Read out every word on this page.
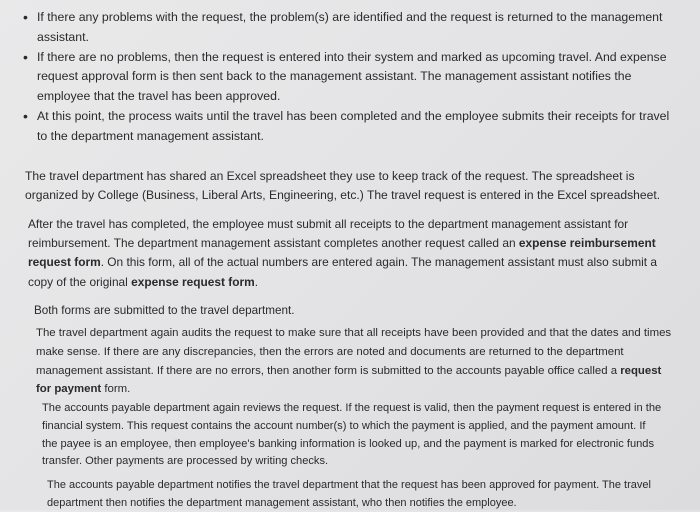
• If there any problems with the request, the problem(s) are identified and the request is returned to the management assistant.
• If there are no problems, then the request is entered into their system and marked as upcoming travel. And expense request approval form is then sent back to the management assistant. The management assistant notifies the employee that the travel has been approved.
• At this point, the process waits until the travel has been completed and the employee submits their receipts for travel to the department management assistant.

The travel department has shared an Excel spreadsheet they use to keep track of the request. The spreadsheet is organized by College (Business, Liberal Arts, Engineering, etc.) The travel request is entered in the Excel spreadsheet.

After the travel has completed, the employee must submit all receipts to the department management assistant for reimbursement. The department management assistant completes another request called an expense reimbursement request form. On this form, all of the actual numbers are entered again. The management assistant must also submit a copy of the original expense request form.

Both forms are submitted to the travel department.

The travel department again audits the request to make sure that all receipts have been provided and that the dates and times make sense. If there are any discrepancies, then the errors are noted and documents are returned to the department management assistant. If there are no errors, then another form is submitted to the accounts payable office called a request for payment form.

The accounts payable department again reviews the request. If the request is valid, then the payment request is entered in the financial system. This request contains the account number(s) to which the payment is applied, and the payment amount. If the payee is an employee, then employee's banking information is looked up, and the payment is marked for electronic funds transfer. Other payments are processed by writing checks.

The accounts payable department notifies the travel department that the request has been approved for payment. The travel department then notifies the department management assistant, who then notifies the employee.
